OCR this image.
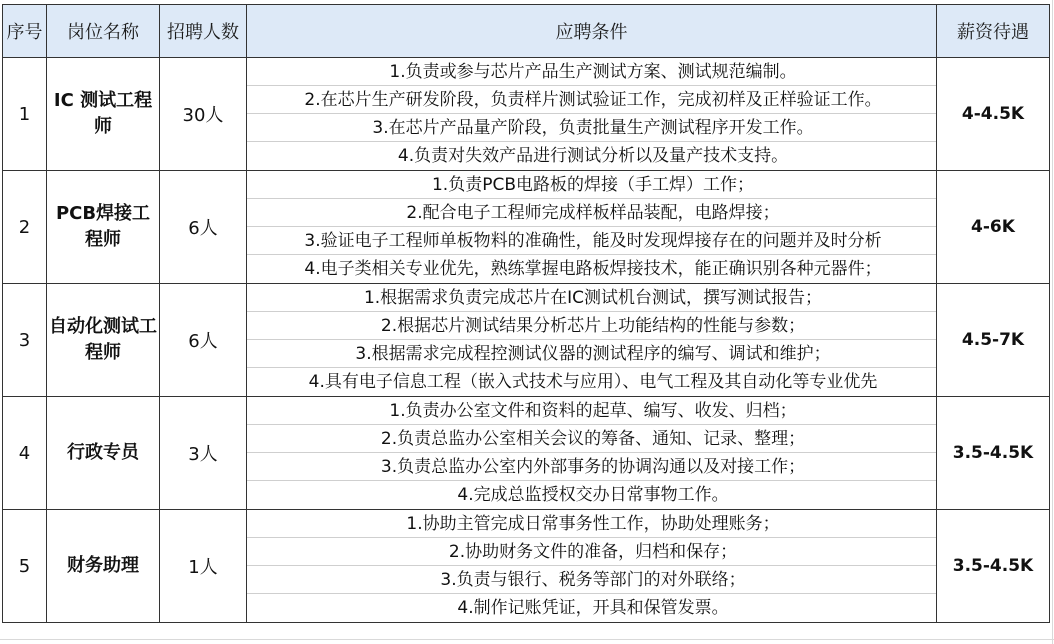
序号	岗位名称	招聘人数	应聘条件	薪资待遇
1	IC 测试工程师	30人	1.负责或参与芯片产品生产测试方案、测试规范编制。
2.在芯片生产研发阶段，负责样片测试验证工作，完成初样及正样验证工作。
3.在芯片产品量产阶段，负责批量生产测试程序开发工作。
4.负责对失效产品进行测试分析以及量产技术支持。	4-4.5K
2	PCB焊接工程师	6人	1.负责PCB电路板的焊接（手工焊）工作；
2.配合电子工程师完成样板样品装配，电路焊接；
3.验证电子工程师单板物料的准确性，能及时发现焊接存在的问题并及时分析
4.电子类相关专业优先，熟练掌握电路板焊接技术，能正确识别各种元器件；	4-6K
3	自动化测试工程师	6人	1.根据需求负责完成芯片在IC测试机台测试，撰写测试报告；
2.根据芯片测试结果分析芯片上功能结构的性能与参数；
3.根据需求完成程控测试仪器的测试程序的编写、调试和维护；
4.具有电子信息工程（嵌入式技术与应用）、电气工程及其自动化等专业优先	4.5-7K
4	行政专员	3人	1.负责办公室文件和资料的起草、编写、收发、归档；
2.负责总监办公室相关会议的筹备、通知、记录、整理；
3.负责总监办公室内外部事务的协调沟通以及对接工作；
4.完成总监授权交办日常事物工作。	3.5-4.5K
5	财务助理	1人	1.协助主管完成日常事务性工作，协助处理账务；
2.协助财务文件的准备，归档和保存；
3.负责与银行、税务等部门的对外联络；
4.制作记账凭证，开具和保管发票。	3.5-4.5K
